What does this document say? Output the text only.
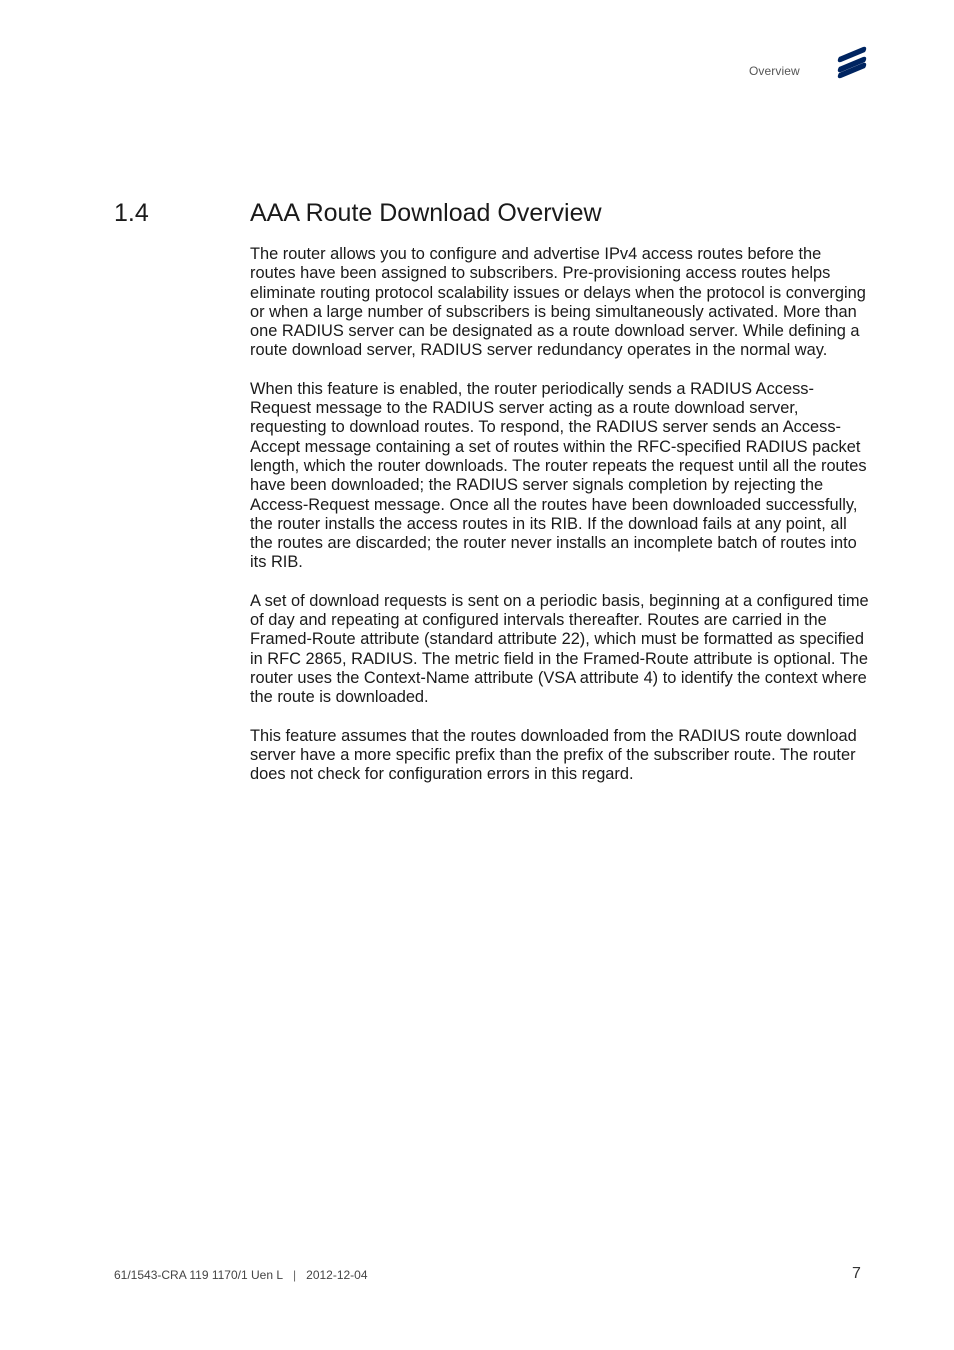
Overview
1.4	AAA Route Download Overview

The router allows you to configure and advertise IPv4 access routes before the routes have been assigned to subscribers. Pre-provisioning access routes helps eliminate routing protocol scalability issues or delays when the protocol is converging or when a large number of subscribers is being simultaneously activated. More than one RADIUS server can be designated as a route download server. While defining a route download server, RADIUS server redundancy operates in the normal way.

When this feature is enabled, the router periodically sends a RADIUS Access-Request message to the RADIUS server acting as a route download server, requesting to download routes. To respond, the RADIUS server sends an Access-Accept message containing a set of routes within the RFC-specified RADIUS packet length, which the router downloads. The router repeats the request until all the routes have been downloaded; the RADIUS server signals completion by rejecting the Access-Request message. Once all the routes have been downloaded successfully, the router installs the access routes in its RIB. If the download fails at any point, all the routes are discarded; the router never installs an incomplete batch of routes into its RIB.

A set of download requests is sent on a periodic basis, beginning at a configured time of day and repeating at configured intervals thereafter. Routes are carried in the Framed-Route attribute (standard attribute 22), which must be formatted as specified in RFC 2865, RADIUS. The metric field in the Framed-Route attribute is optional. The router uses the Context-Name attribute (VSA attribute 4) to identify the context where the route is downloaded.

This feature assumes that the routes downloaded from the RADIUS route download server have a more specific prefix than the prefix of the subscriber route. The router does not check for configuration errors in this regard.

61/1543-CRA 119 1170/1 Uen L | 2012-12-04	7
